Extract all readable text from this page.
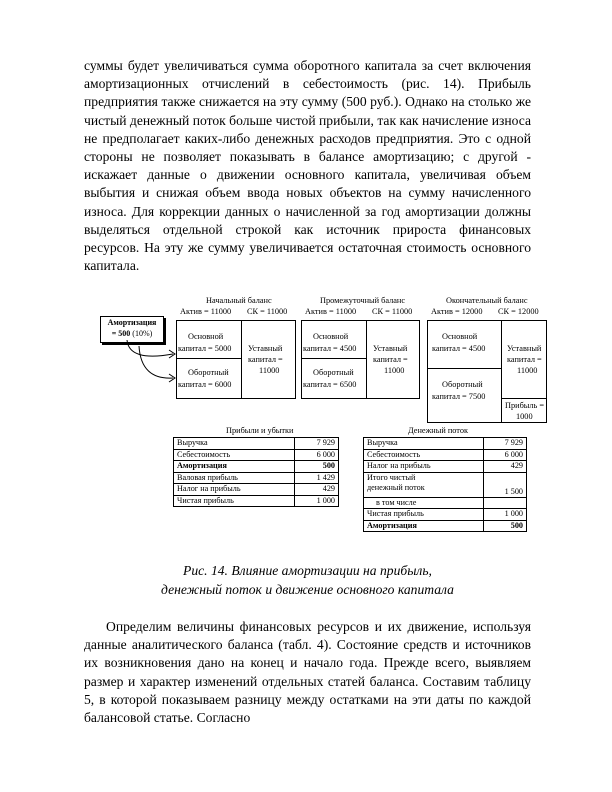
суммы будет увеличиваться сумма оборотного капитала за счет включения амортизационных отчислений в себестоимость (рис. 14). Прибыль предприятия также снижается на эту сумму (500 руб.). Однако на столько же чистый денежный поток больше чистой прибыли, так как начисление износа не предполагает каких-либо денежных расходов предприятия. Это с одной стороны не позволяет показывать в балансе амортизацию; с другой - искажает данные о движении основного капитала, увеличивая объем выбытия и снижая объем ввода новых объектов на сумму начисленного износа. Для коррекции данных о начисленной за год амортизации должны выделяться отдельной строкой как источник прироста финансовых ресурсов. На эту же сумму увеличивается остаточная стоимость основного капитала.

Амортизация
= 500 (10%)
Начальный баланс
Актив = 11000 СК = 11000
Основной
капитал = 5000
Оборотный
капитал = 6000
Уставный
капитал =
11000
Промежуточный баланс
Актив = 11000 СК = 11000
Основной
капитал = 4500
Оборотный
капитал = 6500
Уставный
капитал =
11000
Окончательный баланс
Актив = 12000 СК = 12000
Основной
капитал = 4500
Оборотный
капитал = 7500
Уставный
капитал =
11000
Прибыль =
1000
Прибыли и убытки
Выручка	7 929
Себестоимость	6 000
Амортизация	500
Валовая прибыль	1 429
Налог на прибыль	429
Чистая прибыль	1 000
Денежный поток
Выручка	7 929
Себестоимость	6 000
Налог на прибыль	429

Итого чистый
денежный поток	1 500
в том числе	
Чистая прибыль	1 000
Амортизация	500
Рис. 14. Влияние амортизации на прибыль,
денежный поток и движение основного капитала

Определим величины финансовых ресурсов и их движение, используя данные аналитического баланса (табл. 4). Состояние средств и источников их возникновения дано на конец и начало года. Прежде всего, выявляем размер и характер изменений отдельных статей баланса. Составим таблицу 5, в которой показываем разницу между остатками на эти даты по каждой балансовой статье. Согласно
